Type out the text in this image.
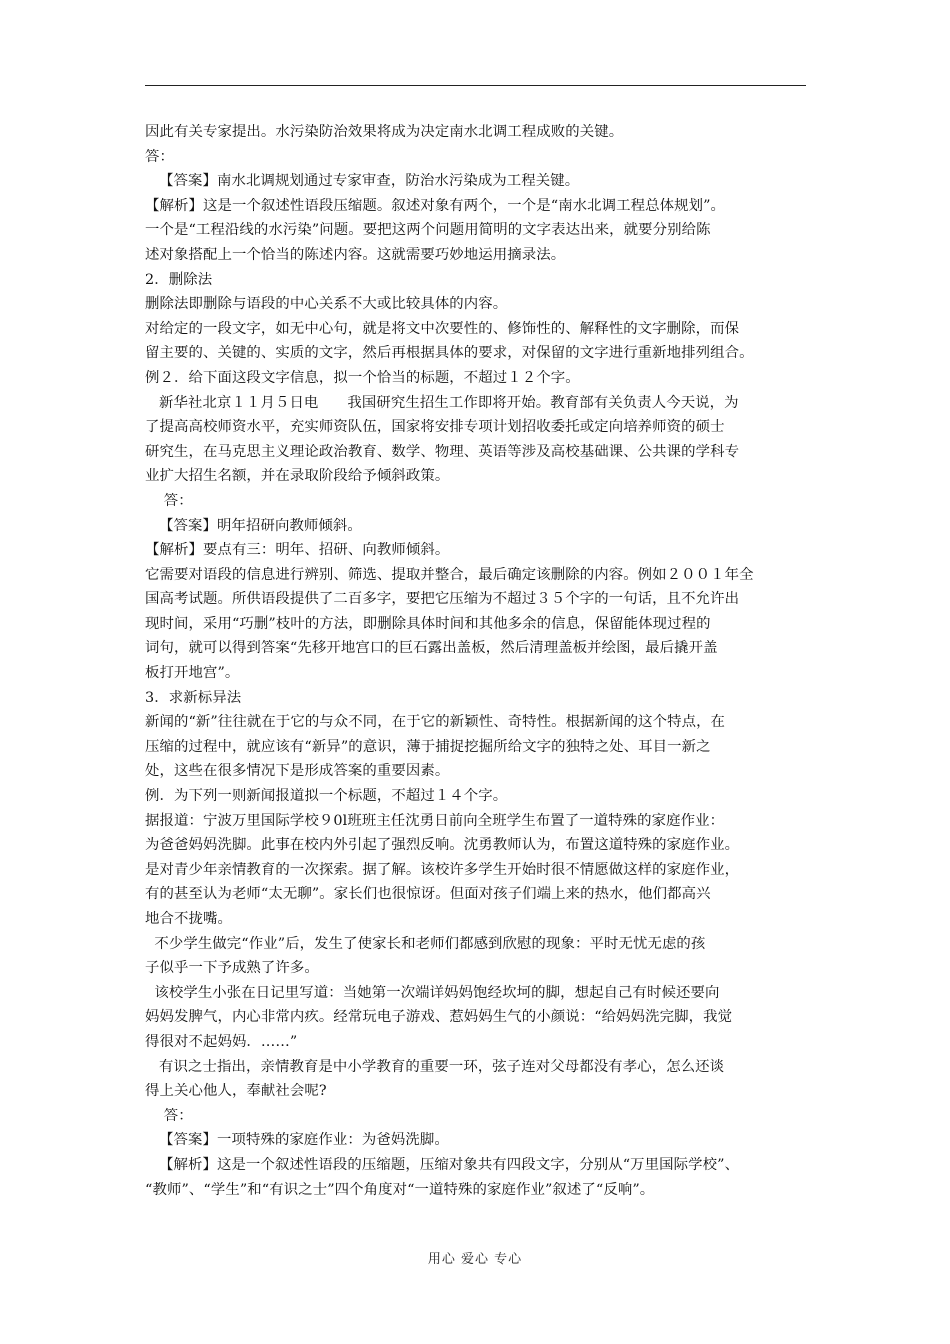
因此有关专家提出。水污染防治效果将成为决定南水北调工程成败的关键。
答：
【答案】南水北调规划通过专家审查，防治水污染成为工程关键。
【解析】这是一个叙述性语段压缩题。叙述对象有两个，一个是“南水北调工程总体规划”。
一个是“工程沿线的水污染”问题。要把这两个问题用简明的文字表达出来，就要分别给陈
述对象搭配上一个恰当的陈述内容。这就需要巧妙地运用摘录法。
2．删除法
删除法即删除与语段的中心关系不大或比较具体的内容。
对给定的一段文字，如无中心句，就是将文中次要性的、修饰性的、解释性的文字删除，而保
留主要的、关键的、实质的文字，然后再根据具体的要求，对保留的文字进行重新地排列组合。
例２．给下面这段文字信息，拟一个恰当的标题，不超过１２个字。
新华社北京１１月５日电　　我国研究生招生工作即将开始。教育部有关负责人今天说，为
了提高高校师资水平，充实师资队伍，国家将安排专项计划招收委托或定向培养师资的硕士
研究生，在马克思主义理论政治教育、数学、物理、英语等涉及高校基础课、公共课的学科专
业扩大招生名额，并在录取阶段给予倾斜政策。
答：
【答案】明年招研向教师倾斜。
【解析】要点有三：明年、招研、向教师倾斜。
它需要对语段的信息进行辨别、筛选、提取并整合，最后确定该删除的内容。例如２００１年全
国高考试题。所供语段提供了二百多字，要把它压缩为不超过３５个字的一句话，且不允许出
现时间，采用“巧删”枝叶的方法，即删除具体时间和其他多余的信息，保留能体现过程的
词句，就可以得到答案“先移开地宫口的巨石露出盖板，然后清理盖板并绘图，最后撬开盖
板打开地宫”。
3．求新标异法
新闻的“新”往往就在于它的与众不同，在于它的新颖性、奇特性。根据新闻的这个特点，在
压缩的过程中，就应该有“新异”的意识，薄于捕捉挖掘所给文字的独特之处、耳目一新之
处，这些在很多情况下是形成答案的重要因素。
例．为下列一则新闻报道拟一个标题，不超过１４个字。
据报道：宁波万里国际学校９0l班班主任沈勇日前向全班学生布置了一道特殊的家庭作业：
为爸爸妈妈洗脚。此事在校内外引起了强烈反响。沈勇教师认为，布置这道特殊的家庭作业。
是对青少年亲情教育的一次探索。据了解。该校许多学生开始时很不情愿做这样的家庭作业，
有的甚至认为老师“太无聊”。家长们也很惊讶。但面对孩子们端上来的热水，他们都高兴
地合不拢嘴。
不少学生做完“作业”后，发生了使家长和老师们都感到欣慰的现象：平时无忧无虑的孩
子似乎一下予成熟了许多。
该校学生小张在日记里写道：当她第一次端详妈妈饱经坎坷的脚，想起自己有时候还要向
妈妈发脾气，内心非常内疚。经常玩电子游戏、惹妈妈生气的小颜说：“给妈妈洗完脚，我觉
得很对不起妈妈．……”
有识之士指出，亲情教育是中小学教育的重要一环，弦子连对父母都没有孝心，怎么还谈
得上关心他人，奉献社会呢?
答：
【答案】一项特殊的家庭作业：为爸妈洗脚。
【解析】这是一个叙述性语段的压缩题，压缩对象共有四段文字，分别从“万里国际学校”、
“教师”、“学生”和“有识之士”四个角度对“一道特殊的家庭作业”叙述了“反响”。
用心 爱心 专心
